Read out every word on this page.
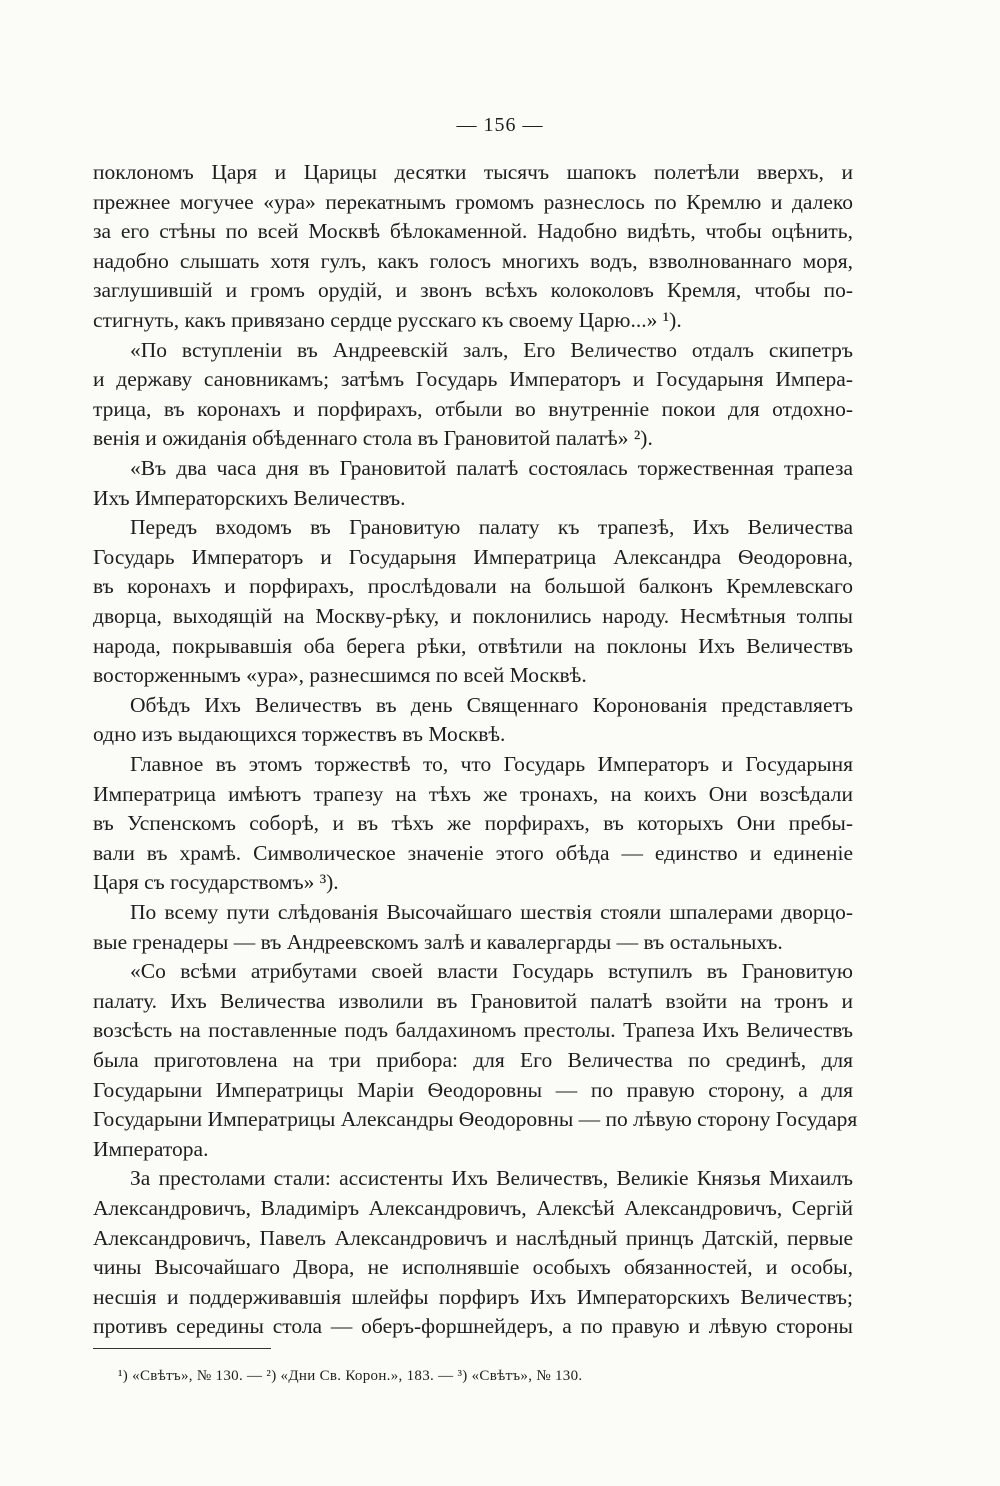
— 156 —
поклономъ Царя и Царицы десятки тысячъ шапокъ полетѣли вверхъ, и
прежнее могучее «ура» перекатнымъ громомъ разнеслось по Кремлю и далеко
за его стѣны по всей Москвѣ бѣлокаменной. Надобно видѣть, чтобы оцѣнить,
надобно слышать хотя гулъ, какъ голосъ многихъ водъ, взволнованнаго моря,
заглушившій и громъ орудій, и звонъ всѣхъ колоколовъ Кремля, чтобы по-
стигнуть, какъ привязано сердце русскаго къ своему Царю...» ¹).
«По вступленіи въ Андреевскій залъ, Его Величество отдалъ скипетръ
и державу сановникамъ; затѣмъ Государь Императоръ и Государыня Импера-
трица, въ коронахъ и порфирахъ, отбыли во внутренніе покои для отдохно-
венія и ожиданія обѣденнаго стола въ Грановитой палатѣ» ²).
«Въ два часа дня въ Грановитой палатѣ состоялась торжественная трапеза
Ихъ Императорскихъ Величествъ.
Передъ входомъ въ Грановитую палату къ трапезѣ, Ихъ Величества
Государь Императоръ и Государыня Императрица Александра Ѳеодоровна,
въ коронахъ и порфирахъ, прослѣдовали на большой балконъ Кремлевскаго
дворца, выходящій на Москву-рѣку, и поклонились народу. Несмѣтныя толпы
народа, покрывавшія оба берега рѣки, отвѣтили на поклоны Ихъ Величествъ
восторженнымъ «ура», разнесшимся по всей Москвѣ.
Обѣдъ Ихъ Величествъ въ день Священнаго Коронованія представляетъ
одно изъ выдающихся торжествъ въ Москвѣ.
Главное въ этомъ торжествѣ то, что Государь Императоръ и Государыня
Императрица имѣютъ трапезу на тѣхъ же тронахъ, на коихъ Они возсѣдали
въ Успенскомъ соборѣ, и въ тѣхъ же порфирахъ, въ которыхъ Они пребы-
вали въ храмѣ. Символическое значеніе этого обѣда — единство и единеніе
Царя съ государствомъ» ³).
По всему пути слѣдованія Высочайшаго шествія стояли шпалерами дворцо-
вые гренадеры — въ Андреевскомъ залѣ и кавалергарды — въ остальныхъ.
«Со всѣми атрибутами своей власти Государь вступилъ въ Грановитую
палату. Ихъ Величества изволили въ Грановитой палатѣ взойти на тронъ и
возсѣсть на поставленные подъ балдахиномъ престолы. Трапеза Ихъ Величествъ
была приготовлена на три прибора: для Его Величества по срединѣ, для
Государыни Императрицы Маріи Ѳеодоровны — по правую сторону, а для
Государыни Императрицы Александры Ѳеодоровны — по лѣвую сторону Государя
Императора.
За престолами стали: ассистенты Ихъ Величествъ, Великіе Князья Михаилъ
Александровичъ, Владиміръ Александровичъ, Алексѣй Александровичъ, Сергій
Александровичъ, Павелъ Александровичъ и наслѣдный принцъ Датскій, первые
чины Высочайшаго Двора, не исполнявшіе особыхъ обязанностей, и особы,
несшія и поддерживавшія шлейфы порфиръ Ихъ Императорскихъ Величествъ;
противъ середины стола — оберъ-форшнейдеръ, а по правую и лѣвую стороны
¹) «Свѣтъ», № 130. — ²) «Дни Св. Корон.», 183. — ³) «Свѣтъ», № 130.
